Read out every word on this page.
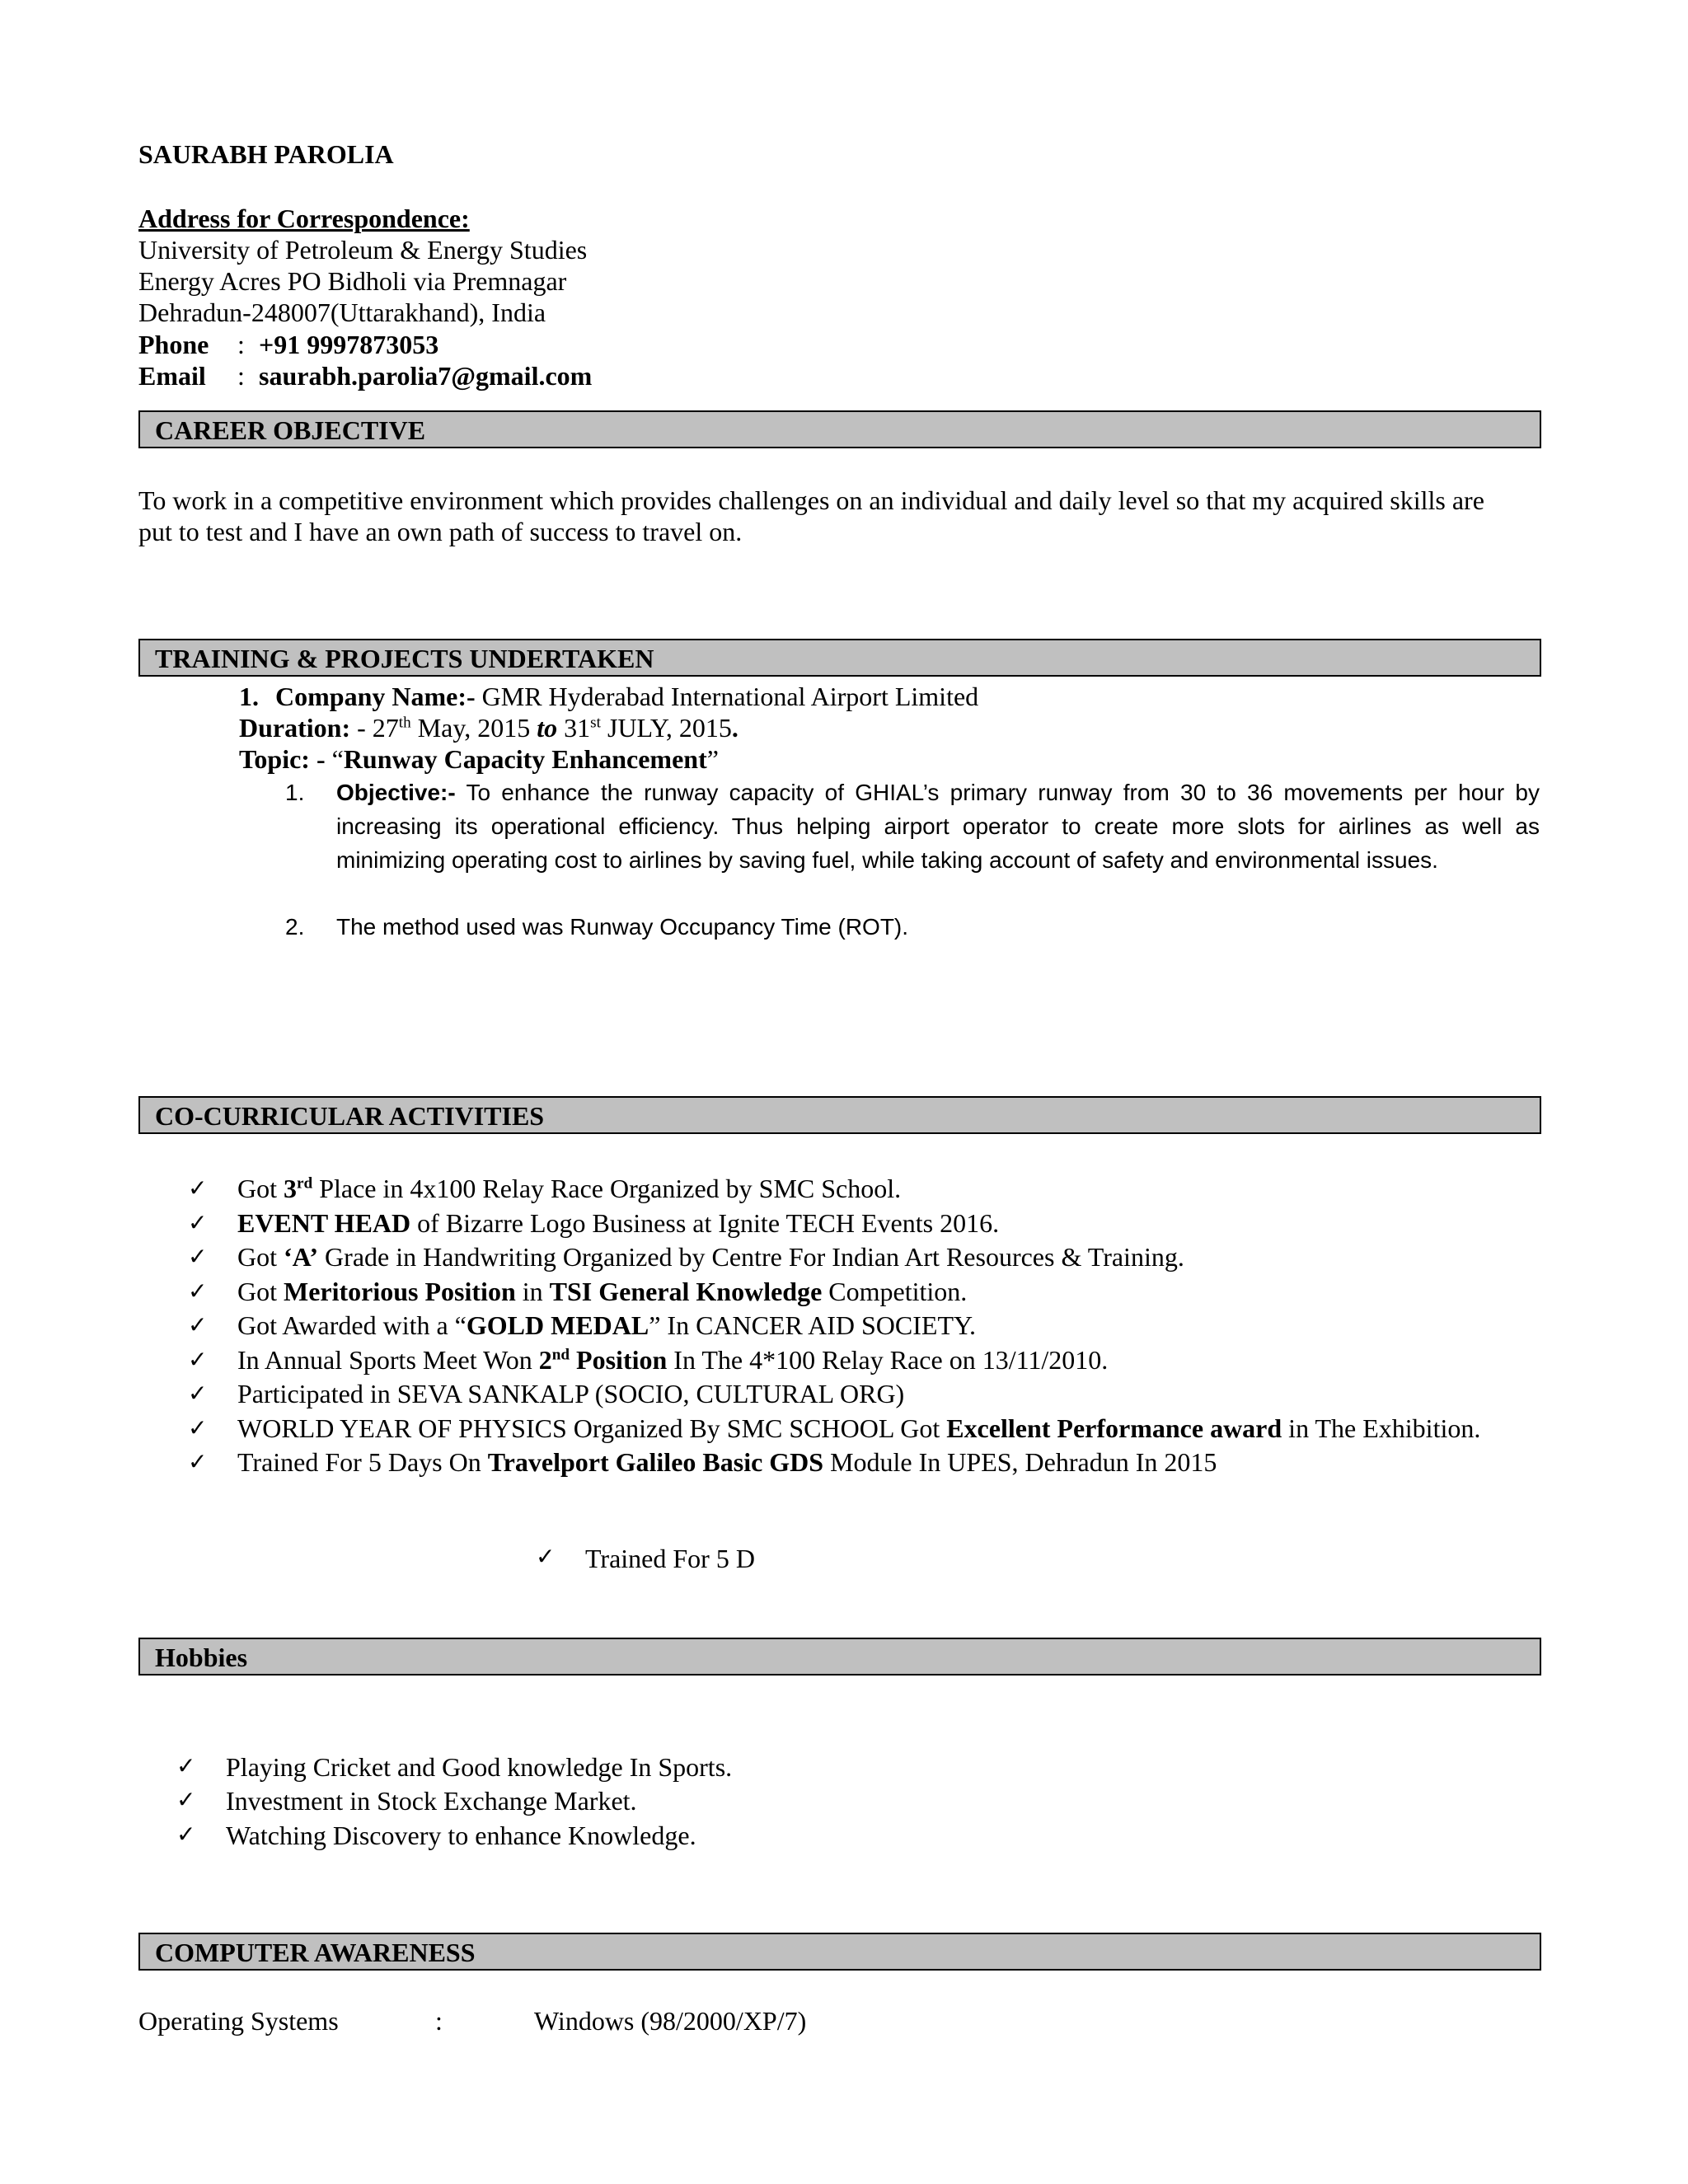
SAURABH PAROLIA
Address for Correspondence:
University of Petroleum & Energy Studies
Energy Acres PO Bidholi via Premnagar
Dehradun-248007(Uttarakhand), India
Phone : +91 9997873053
Email : saurabh.parolia7@gmail.com
CAREER OBJECTIVE
To work in a competitive environment which provides challenges on an individual and daily level so that my acquired skills are
put to test and I have an own path of success to travel on.
TRAINING & PROJECTS UNDERTAKEN
1. Company Name:- GMR Hyderabad International Airport Limited
Duration: - 27th May, 2015 to 31st JULY, 2015.
Topic: - “Runway Capacity Enhancement”
1. Objective:- To enhance the runway capacity of GHIAL’s primary runway from 30 to 36 movements per hour by increasing its operational efficiency. Thus helping airport operator to create more slots for airlines as well as minimizing operating cost to airlines by saving fuel, while taking account of safety and environmental issues.
2. The method used was Runway Occupancy Time (ROT).
CO-CURRICULAR ACTIVITIES
✓ Got 3rd Place in 4x100 Relay Race Organized by SMC School.
✓ EVENT HEAD of Bizarre Logo Business at Ignite TECH Events 2016.
✓ Got ‘A’ Grade in Handwriting Organized by Centre For Indian Art Resources & Training.
✓ Got Meritorious Position in TSI General Knowledge Competition.
✓ Got Awarded with a “GOLD MEDAL” In CANCER AID SOCIETY.
✓ In Annual Sports Meet Won 2nd Position In The 4*100 Relay Race on 13/11/2010.
✓ Participated in SEVA SANKALP (SOCIO, CULTURAL ORG)
✓ WORLD YEAR OF PHYSICS Organized By SMC SCHOOL Got Excellent Performance award in The Exhibition.
✓ Trained For 5 Days On Travelport Galileo Basic GDS Module In UPES, Dehradun In 2015
✓ Trained For 5 D
Hobbies
✓ Playing Cricket and Good knowledge In Sports.
✓ Investment in Stock Exchange Market.
✓ Watching Discovery to enhance Knowledge.
COMPUTER AWARENESS
Operating Systems	:	Windows (98/2000/XP/7)
